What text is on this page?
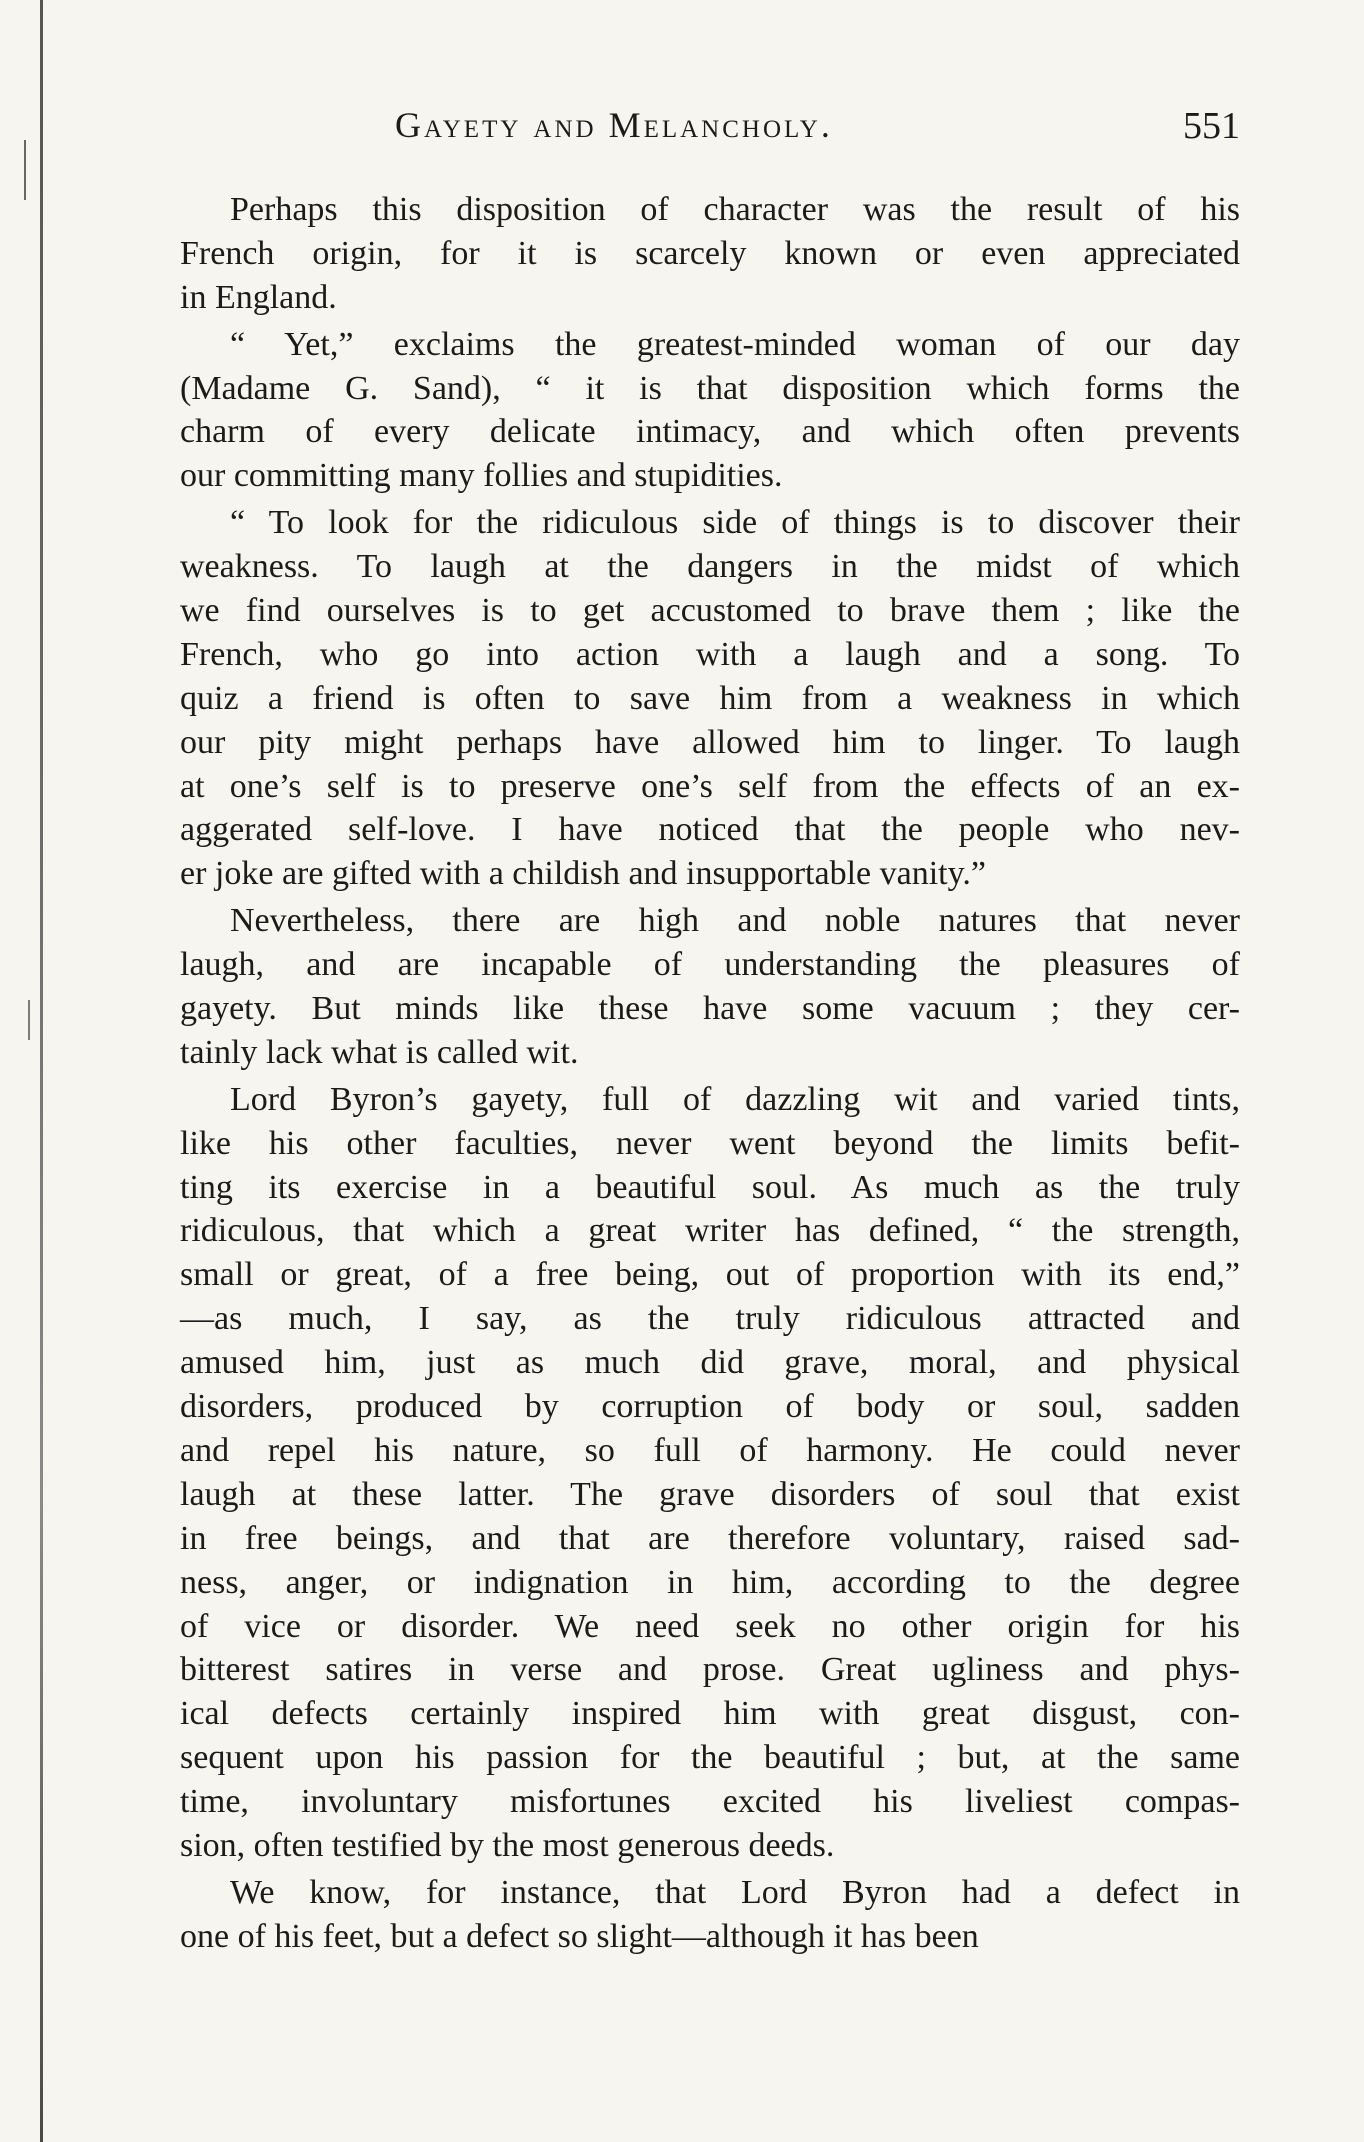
Gayety and Melancholy.	551
Perhaps this disposition of character was the result of his
French origin, for it is scarcely known or even appreciated
in England.
“ Yet,” exclaims the greatest-minded woman of our day
(Madame G. Sand), “ it is that disposition which forms the
charm of every delicate intimacy, and which often prevents
our committing many follies and stupidities.
“ To look for the ridiculous side of things is to discover their
weakness. To laugh at the dangers in the midst of which
we find ourselves is to get accustomed to brave them ; like the
French, who go into action with a laugh and a song. To
quiz a friend is often to save him from a weakness in which
our pity might perhaps have allowed him to linger. To laugh
at one’s self is to preserve one’s self from the effects of an ex-
aggerated self-love. I have noticed that the people who nev-
er joke are gifted with a childish and insupportable vanity.”
Nevertheless, there are high and noble natures that never
laugh, and are incapable of understanding the pleasures of
gayety. But minds like these have some vacuum ; they cer-
tainly lack what is called wit.
Lord Byron’s gayety, full of dazzling wit and varied tints,
like his other faculties, never went beyond the limits befit-
ting its exercise in a beautiful soul. As much as the truly
ridiculous, that which a great writer has defined, “ the strength,
small or great, of a free being, out of proportion with its end,”
—as much, I say, as the truly ridiculous attracted and
amused him, just as much did grave, moral, and physical
disorders, produced by corruption of body or soul, sadden
and repel his nature, so full of harmony. He could never
laugh at these latter. The grave disorders of soul that exist
in free beings, and that are therefore voluntary, raised sad-
ness, anger, or indignation in him, according to the degree
of vice or disorder. We need seek no other origin for his
bitterest satires in verse and prose. Great ugliness and phys-
ical defects certainly inspired him with great disgust, con-
sequent upon his passion for the beautiful ; but, at the same
time, involuntary misfortunes excited his liveliest compas-
sion, often testified by the most generous deeds.
We know, for instance, that Lord Byron had a defect in
one of his feet, but a defect so slight—although it has been
